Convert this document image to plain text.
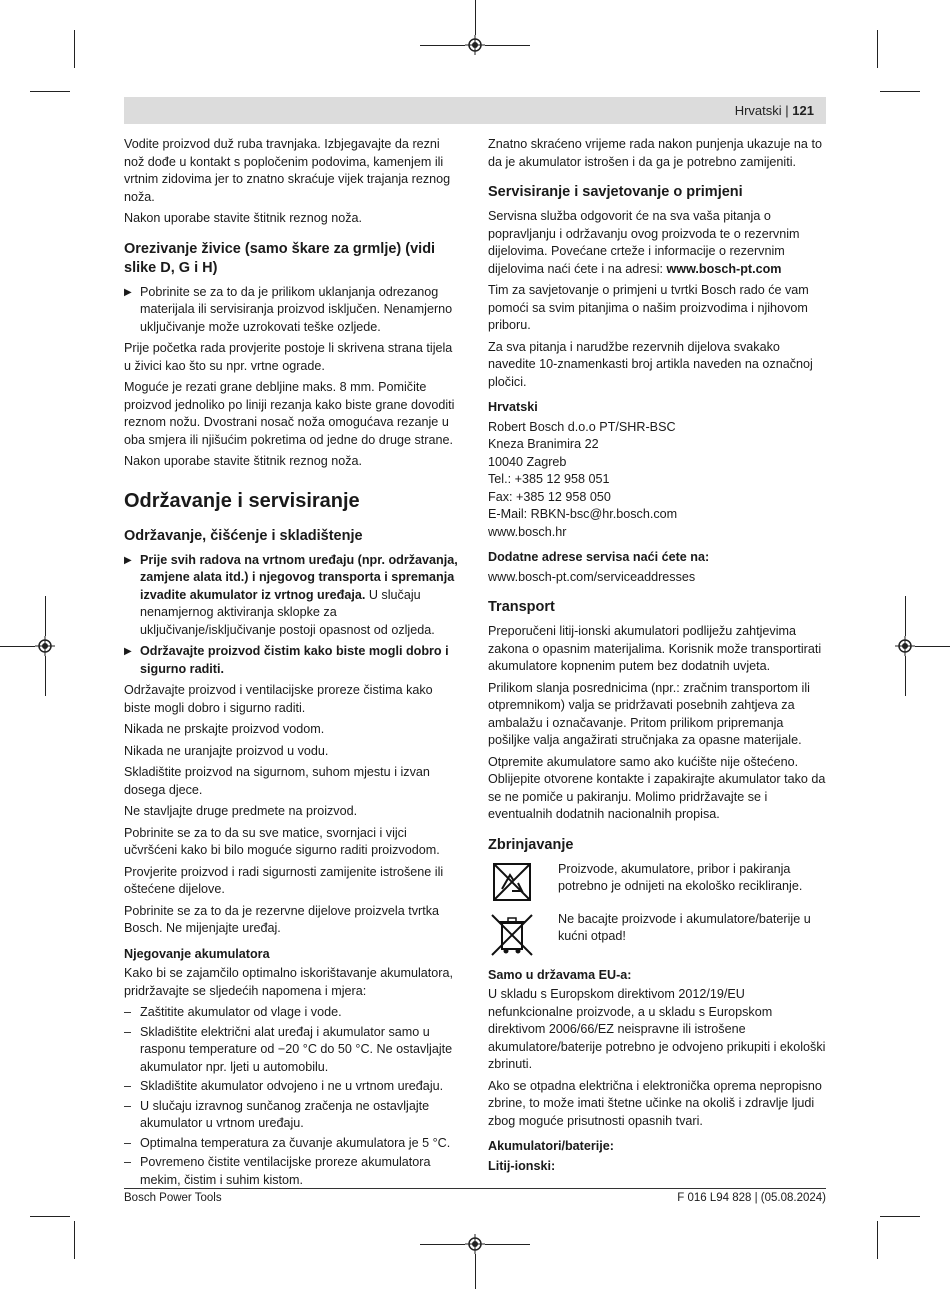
Hrvatski | 121

Vodite proizvod duž ruba travnjaka. Izbjegavajte da rezni nož dođe u kontakt s popločenim podovima, kamenjem ili vrtnim zidovima jer to znatno skraćuje vijek trajanja reznog noža.

Nakon uporabe stavite štitnik reznog noža.

Orezivanje živice (samo škare za grmlje) (vidi slike D, G i H)
▶ Pobrinite se za to da je prilikom uklanjanja odrezanog materijala ili servisiranja proizvod isključen. Nenamjerno uključivanje može uzrokovati teške ozljede.

Prije početka rada provjerite postoje li skrivena strana tijela u živici kao što su npr. vrtne ograde.

Moguće je rezati grane debljine maks. 8 mm. Pomičite proizvod jednoliko po liniji rezanja kako biste grane dovoditi reznom nožu. Dvostrani nosač noža omogućava rezanje u oba smjera ili njišućim pokretima od jedne do druge strane.

Nakon uporabe stavite štitnik reznog noža.

Održavanje i servisiranje
Održavanje, čišćenje i skladištenje
▶ Prije svih radova na vrtnom uređaju (npr. održavanja, zamjene alata itd.) i njegovog transporta i spremanja izvadite akumulator iz vrtnog uređaja. U slučaju nenamjernog aktiviranja sklopke za uključivanje/isključivanje postoji opasnost od ozljeda.
▶ Održavajte proizvod čistim kako biste mogli dobro i sigurno raditi.

Održavajte proizvod i ventilacijske proreze čistima kako biste mogli dobro i sigurno raditi.

Nikada ne prskajte proizvod vodom.

Nikada ne uranjajte proizvod u vodu.

Skladištite proizvod na sigurnom, suhom mjestu i izvan dosega djece.

Ne stavljajte druge predmete na proizvod.

Pobrinite se za to da su sve matice, svornjaci i vijci učvršćeni kako bi bilo moguće sigurno raditi proizvodom.

Provjerite proizvod i radi sigurnosti zamijenite istrošene ili oštećene dijelove.

Pobrinite se za to da je rezervne dijelove proizvela tvrtka Bosch. Ne mijenjajte uređaj.

Njegovanje akumulatora

Kako bi se zajamčilo optimalno iskorištavanje akumulatora, pridržavajte se sljedećih napomena i mjera:

– Zaštitite akumulator od vlage i vode.
– Skladištite električni alat uređaj i akumulator samo u rasponu temperature od −20 °C do 50 °C. Ne ostavljajte akumulator npr. ljeti u automobilu.
– Skladištite akumulator odvojeno i ne u vrtnom uređaju.
– U slučaju izravnog sunčanog zračenja ne ostavljajte akumulator u vrtnom uređaju.
– Optimalna temperatura za čuvanje akumulatora je 5 °C.
– Povremeno čistite ventilacijske proreze akumulatora mekim, čistim i suhim kistom.

Znatno skraćeno vrijeme rada nakon punjenja ukazuje na to da je akumulator istrošen i da ga je potrebno zamijeniti.

Servisiranje i savjetovanje o primjeni

Servisna služba odgovorit će na sva vaša pitanja o popravljanju i održavanju ovog proizvoda te o rezervnim dijelovima. Povećane crteže i informacije o rezervnim dijelovima naći ćete i na adresi: www.bosch-pt.com

Tim za savjetovanje o primjeni u tvrtki Bosch rado će vam pomoći sa svim pitanjima o našim proizvodima i njihovom priboru.

Za sva pitanja i narudžbe rezervnih dijelova svakako navedite 10-znamenkasti broj artikla naveden na označnoj pločici.

Hrvatski

Robert Bosch d.o.o PT/SHR-BSC

Kneza Branimira 22

10040 Zagreb

Tel.: +385 12 958 051

Fax: +385 12 958 050

E-Mail: RBKN-bsc@hr.bosch.com

www.bosch.hr

Dodatne adrese servisa naći ćete na:

www.bosch-pt.com/serviceaddresses

Transport

Preporučeni litij-ionski akumulatori podliježu zahtjevima zakona o opasnim materijalima. Korisnik može transportirati akumulatore kopnenim putem bez dodatnih uvjeta.

Prilikom slanja posrednicima (npr.: zračnim transportom ili otpremnikom) valja se pridržavati posebnih zahtjeva za ambalažu i označavanje. Pritom prilikom pripremanja pošiljke valja angažirati stručnjaka za opasne materijale.

Otpremite akumulatore samo ako kućište nije oštećeno. Oblijepite otvorene kontakte i zapakirajte akumulator tako da se ne pomiče u pakiranju. Molimo pridržavajte se i eventualnih dodatnih nacionalnih propisa.

Zbrinjavanje

Proizvode, akumulatore, pribor i pakiranja potrebno je odnijeti na ekološko recikliranje.

Ne bacajte proizvode i akumulatore/baterije u kućni otpad!

Samo u državama EU-a:

U skladu s Europskom direktivom 2012/19/EU nefunkcionalne proizvode, a u skladu s Europskom direktivom 2006/66/EZ neispravne ili istrošene akumulatore/baterije potrebno je odvojeno prikupiti i ekološki zbrinuti.

Ako se otpadna električna i elektronička oprema nepropisno zbrine, to može imati štetne učinke na okoliš i zdravlje ljudi zbog moguće prisutnosti opasnih tvari.

Akumulatori/baterije:
Litij-ionski:
Bosch Power Tools	F 016 L94 828 | (05.08.2024)
